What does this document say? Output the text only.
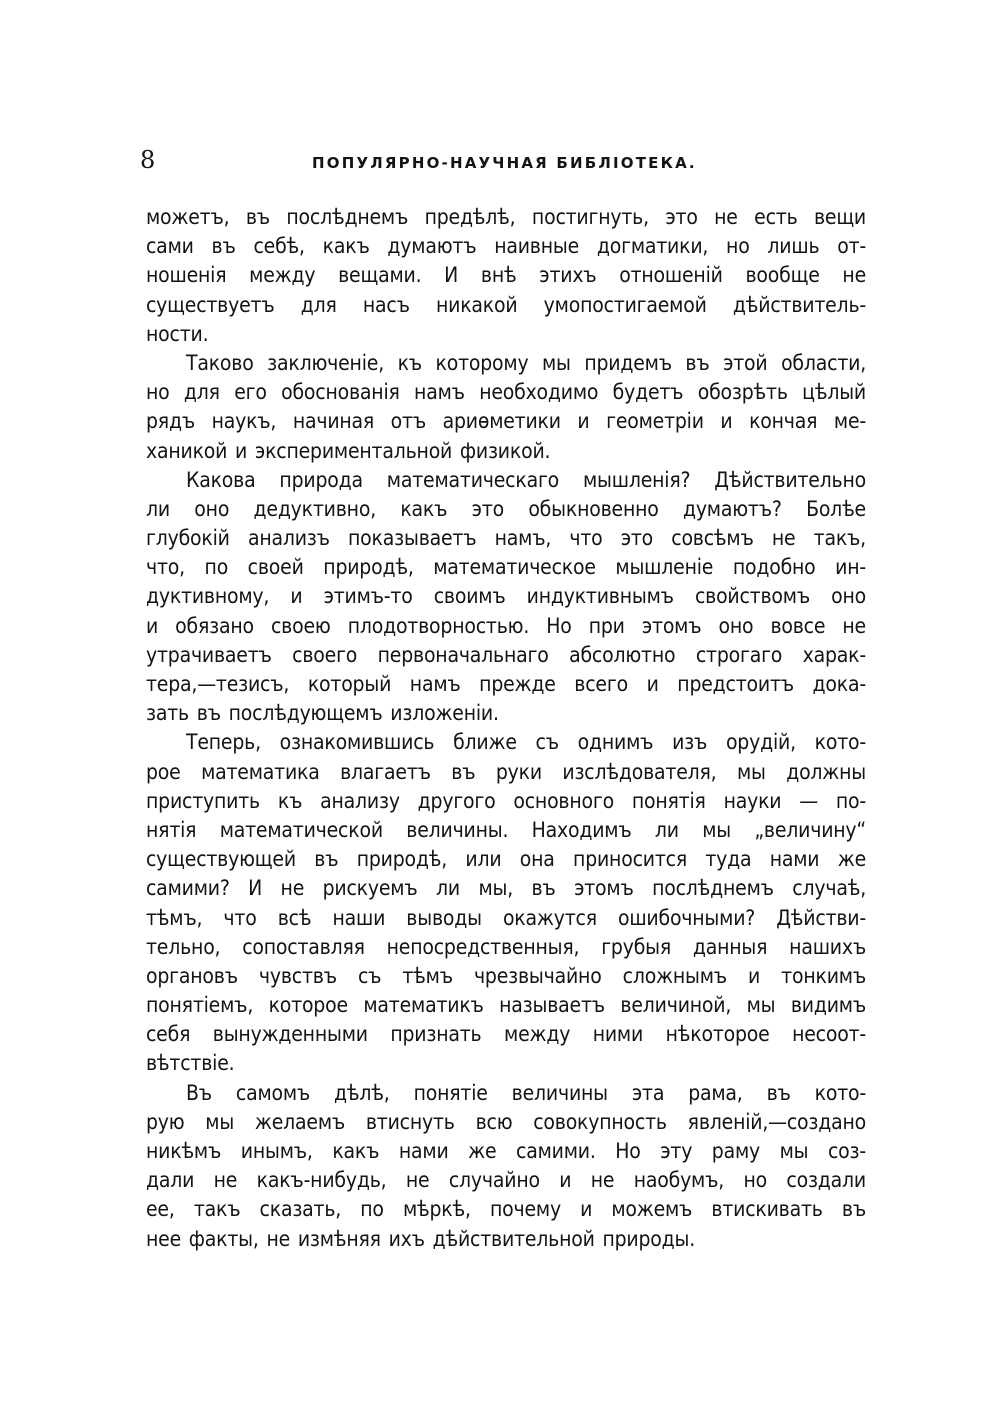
8	ПОПУЛЯРНО-НАУЧНАЯ БИБЛІОТЕКА.
можетъ, въ послѣднемъ предѣлѣ, постигнуть, это не есть вещи
сами въ себѣ, какъ думаютъ наивные догматики, но лишь от-
ношенія между вещами. И внѣ этихъ отношеній вообще не
существуетъ для насъ никакой умопостигаемой дѣйствитель-
ности.
Таково заключеніе, къ которому мы придемъ въ этой области,
но для его обоснованія намъ необходимо будетъ обозрѣть цѣлый
рядъ наукъ, начиная отъ ариѳметики и геометріи и кончая ме-
ханикой и экспериментальной физикой.
Какова природа математическаго мышленія? Дѣйствительно
ли оно дедуктивно, какъ это обыкновенно думаютъ? Болѣе
глубокій анализъ показываетъ намъ, что это совсѣмъ не такъ,
что, по своей природѣ, математическое мышленіе подобно ин-
дуктивному, и этимъ-то своимъ индуктивнымъ свойствомъ оно
и обязано своею плодотворностью. Но при этомъ оно вовсе не
утрачиваетъ своего первоначальнаго абсолютно строгаго харак-
тера,—тезисъ, который намъ прежде всего и предстоитъ дока-
зать въ послѣдующемъ изложеніи.
Теперь, ознакомившись ближе съ однимъ изъ орудій, кото-
рое математика влагаетъ въ руки изслѣдователя, мы должны
приступить къ анализу другого основного понятія науки — по-
нятія математической величины. Находимъ ли мы „величину“
существующей въ природѣ, или она приносится туда нами же
самими? И не рискуемъ ли мы, въ этомъ послѣднемъ случаѣ,
тѣмъ, что всѣ наши выводы окажутся ошибочными? Дѣйстви-
тельно, сопоставляя непосредственныя, грубыя данныя нашихъ
органовъ чувствъ съ тѣмъ чрезвычайно сложнымъ и тонкимъ
понятіемъ, которое математикъ называетъ величиной, мы видимъ
себя вынужденными признать между ними нѣкоторое несоот-
вѣтствіе.
Въ самомъ дѣлѣ, понятіе величины эта рама, въ кото-
рую мы желаемъ втиснуть всю совокупность явленій,—создано
никѣмъ инымъ, какъ нами же самими. Но эту раму мы соз-
дали не какъ-нибудь, не случайно и не наобумъ, но создали
ее, такъ сказать, по мѣркѣ, почему и можемъ втискивать въ
нее факты, не измѣняя ихъ дѣйствительной природы.
